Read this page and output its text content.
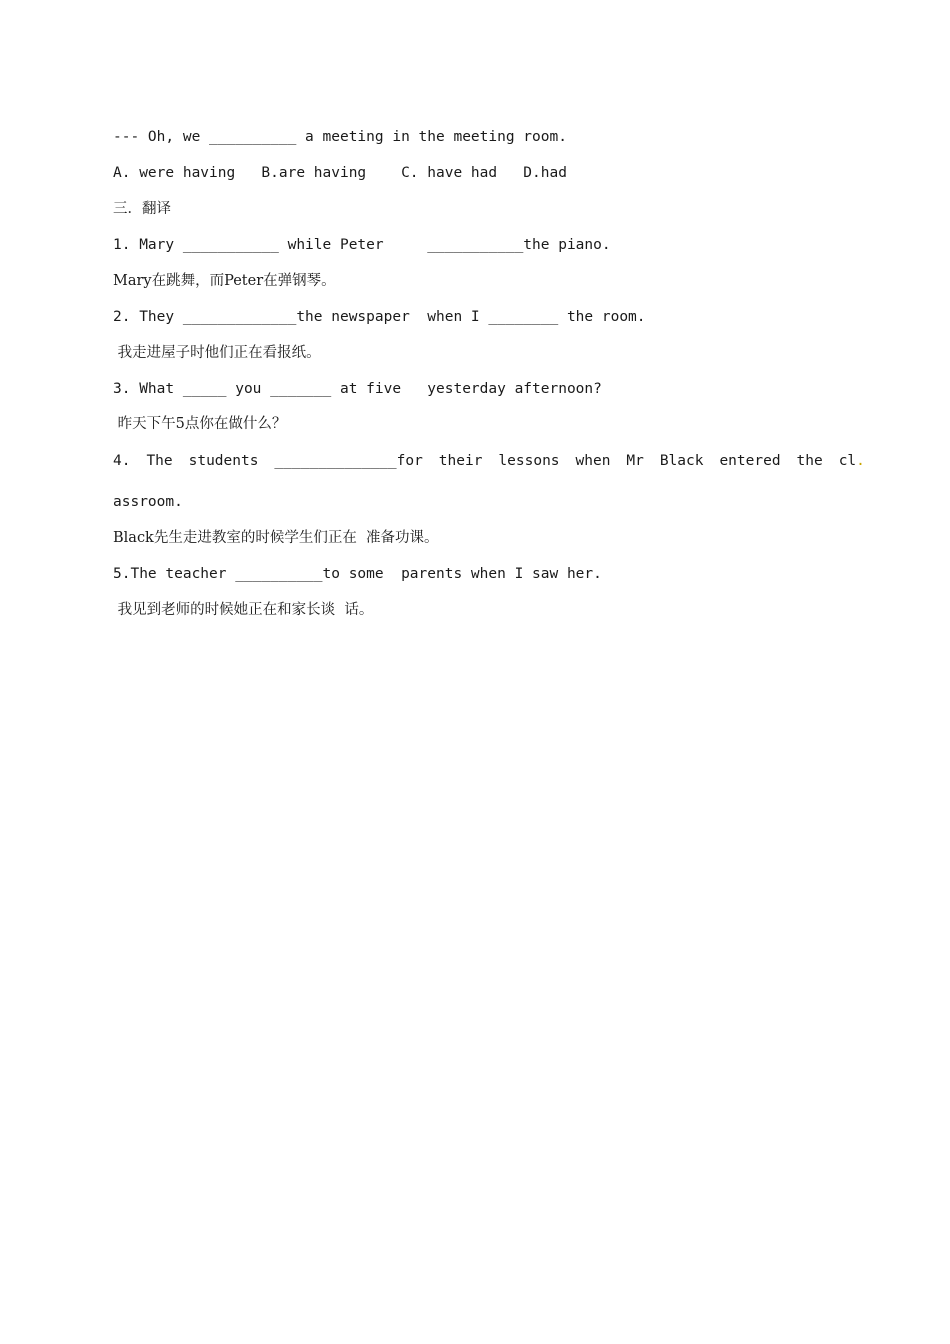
--- Oh, we __________ a meeting in the meeting room.
A. were having   B.are having    C. have had   D.had
三．翻译
1. Mary ___________ while Peter     ___________the piano.
Mary在跳舞，而Peter在弹钢琴。
2. They _____________the newspaper  when I ________ the room.
我走进屋子时他们正在看报纸。
3. What _____ you _______ at five   yesterday afternoon?
昨天下午5点你在做什么？
4. The students ______________for their lessons when Mr Black entered the cl.
assroom.
Black先生走进教室的时候学生们正在  准备功课。
5.The teacher __________to some  parents when I saw her.
我见到老师的时候她正在和家长谈  话。
